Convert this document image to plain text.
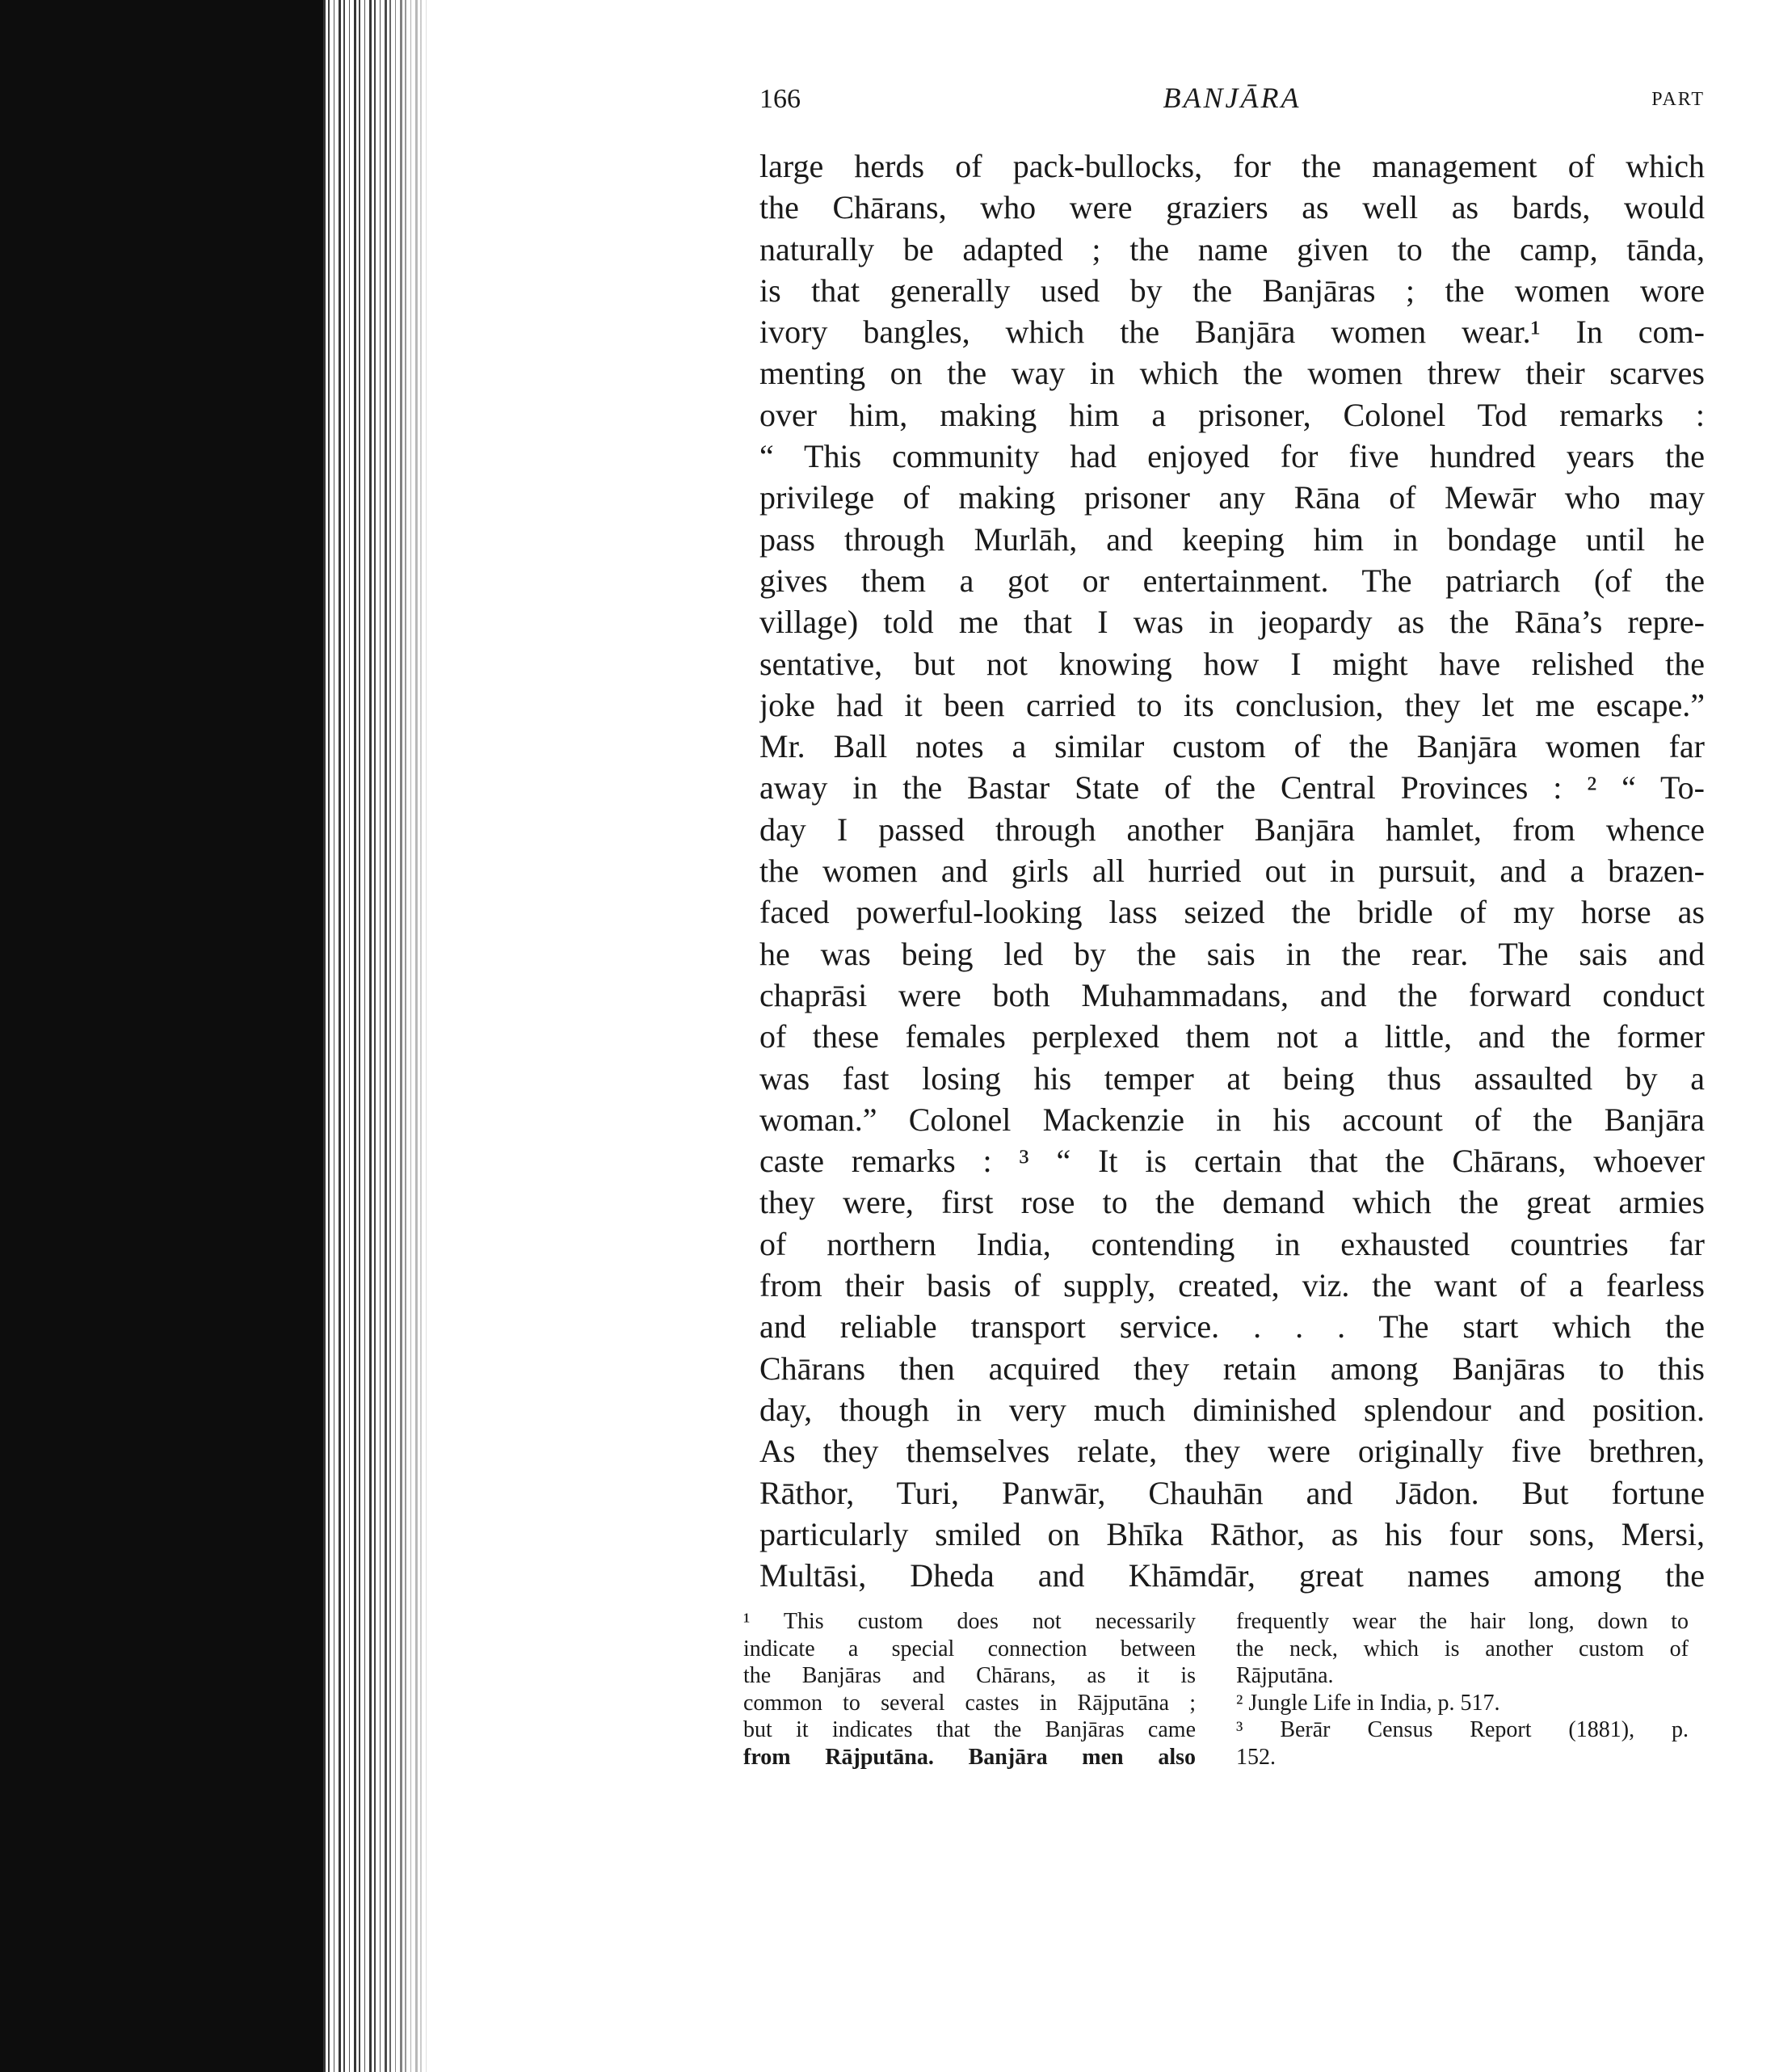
166	BANJĀRA	PART
large herds of pack-bullocks, for the management of which
the Chārans, who were graziers as well as bards, would
naturally be adapted ; the name given to the camp, tānda,
is that generally used by the Banjāras ; the women wore
ivory bangles, which the Banjāra women wear.¹ In com-
menting on the way in which the women threw their scarves
over him, making him a prisoner, Colonel Tod remarks :
“ This community had enjoyed for five hundred years the
privilege of making prisoner any Rāna of Mewār who may
pass through Murlāh, and keeping him in bondage until he
gives them a got or entertainment. The patriarch (of the
village) told me that I was in jeopardy as the Rāna’s repre-
sentative, but not knowing how I might have relished the
joke had it been carried to its conclusion, they let me escape.”
Mr. Ball notes a similar custom of the Banjāra women far
away in the Bastar State of the Central Provinces : ² “ To-
day I passed through another Banjāra hamlet, from whence
the women and girls all hurried out in pursuit, and a brazen-
faced powerful-looking lass seized the bridle of my horse as
he was being led by the sais in the rear. The sais and
chaprāsi were both Muhammadans, and the forward conduct
of these females perplexed them not a little, and the former
was fast losing his temper at being thus assaulted by a
woman.” Colonel Mackenzie in his account of the Banjāra
caste remarks : ³ “ It is certain that the Chārans, whoever
they were, first rose to the demand which the great armies
of northern India, contending in exhausted countries far
from their basis of supply, created, viz. the want of a fearless
and reliable transport service. . . . The start which the
Chārans then acquired they retain among Banjāras to this
day, though in very much diminished splendour and position.
As they themselves relate, they were originally five brethren,
Rāthor, Turi, Panwār, Chauhān and Jādon. But fortune
particularly smiled on Bhīka Rāthor, as his four sons, Mersi,
Multāsi, Dheda and Khāmdār, great names among the
¹ This custom does not necessarily
indicate a special connection between
the Banjāras and Chārans, as it is
common to several castes in Rājputāna ;
but it indicates that the Banjāras came
from Rājputāna. Banjāra men also
frequently wear the hair long, down to
the neck, which is another custom of
Rājputāna.
² Jungle Life in India, p. 517.
³ Berār Census Report (1881), p.
152.
